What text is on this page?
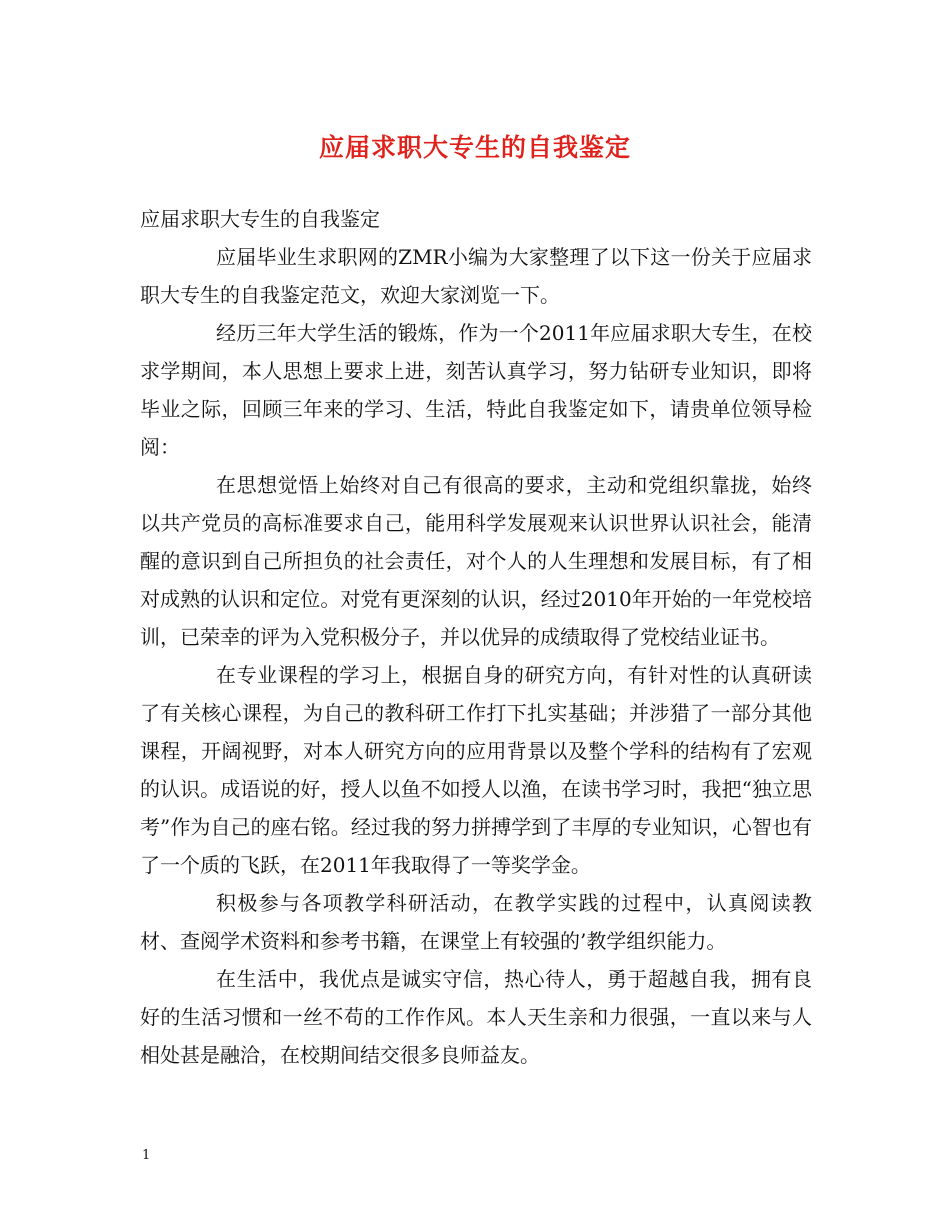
应届求职大专生的自我鉴定

应届求职大专生的自我鉴定

应届毕业生求职网的ZMR小编为大家整理了以下这一份关于应届求职大专生的自我鉴定范文，欢迎大家浏览一下。

经历三年大学生活的锻炼，作为一个2011年应届求职大专生，在校求学期间，本人思想上要求上进，刻苦认真学习，努力钻研专业知识，即将毕业之际，回顾三年来的学习、生活，特此自我鉴定如下，请贵单位领导检阅：

在思想觉悟上始终对自己有很高的要求，主动和党组织靠拢，始终以共产党员的高标准要求自己，能用科学发展观来认识世界认识社会，能清醒的意识到自己所担负的社会责任，对个人的人生理想和发展目标，有了相对成熟的认识和定位。对党有更深刻的认识，经过2010年开始的一年党校培训，已荣幸的评为入党积极分子，并以优异的成绩取得了党校结业证书。

在专业课程的学习上，根据自身的研究方向，有针对性的认真研读了有关核心课程，为自己的教科研工作打下扎实基础；并涉猎了一部分其他课程，开阔视野，对本人研究方向的应用背景以及整个学科的结构有了宏观的认识。成语说的好，授人以鱼不如授人以渔，在读书学习时，我把“独立思考”作为自己的座右铭。经过我的努力拼搏学到了丰厚的专业知识，心智也有了一个质的飞跃，在2011年我取得了一等奖学金。

积极参与各项教学科研活动，在教学实践的过程中，认真阅读教材、查阅学术资料和参考书籍，在课堂上有较强的’教学组织能力。

在生活中，我优点是诚实守信，热心待人，勇于超越自我，拥有良好的生活习惯和一丝不苟的工作作风。本人天生亲和力很强，一直以来与人相处甚是融洽，在校期间结交很多良师益友。

1
